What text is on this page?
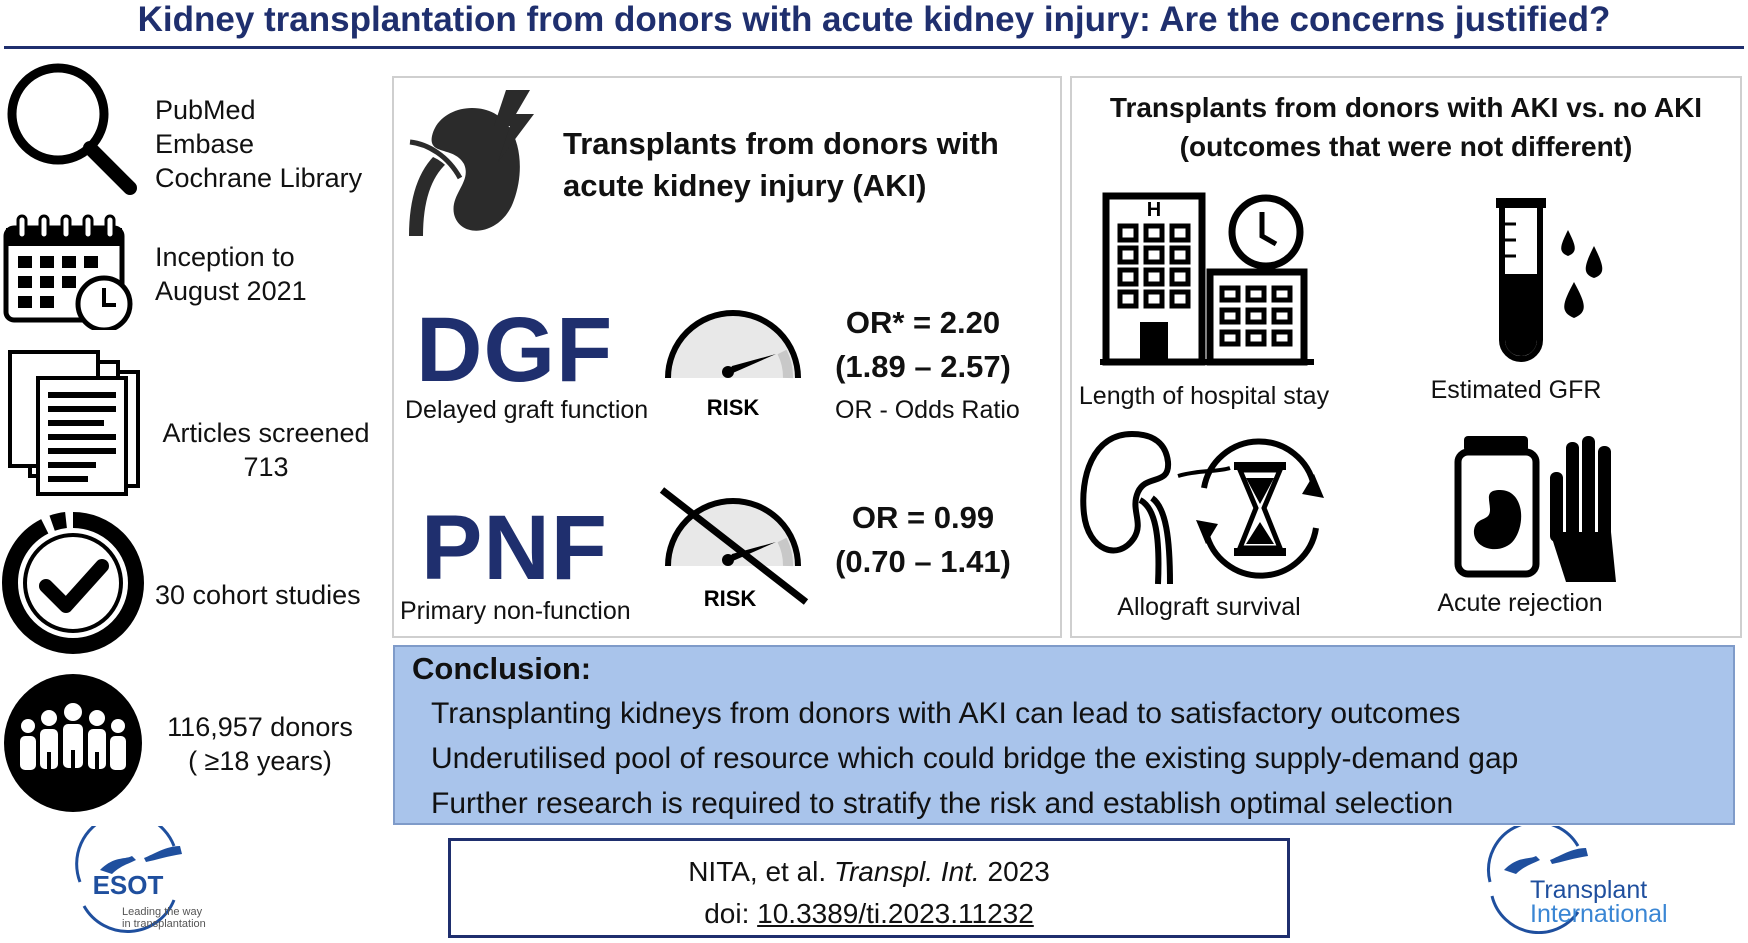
Kidney transplantation from donors with acute kidney injury: Are the concerns justified?
PubMed
Embase
Cochrane Library
Inception to
August 2021
Articles screened
713
30 cohort studies
116,957 donors
( ≥18 years)
Transplants from donors with
acute kidney injury (AKI)
DGF
Delayed graft function	RISK
OR* = 2.20
(1.89 – 2.57)
OR - Odds Ratio
PNF
Primary non-function	RISK
OR = 0.99
(0.70 – 1.41)
Transplants from donors with AKI vs. no AKI
(outcomes that were not different)
H
Length of hospital stay	Estimated GFR
Allograft survival	Acute rejection
Conclusion:
Transplanting kidneys from donors with AKI can lead to satisfactory outcomes
Underutilised pool of resource which could bridge the existing supply-demand gap
Further research is required to stratify the risk and establish optimal selection
NITA, et al. Transpl. Int. 2023
doi: 10.3389/ti.2023.11232
ESOT
Leading the way
in transplantation
Transplant
International
